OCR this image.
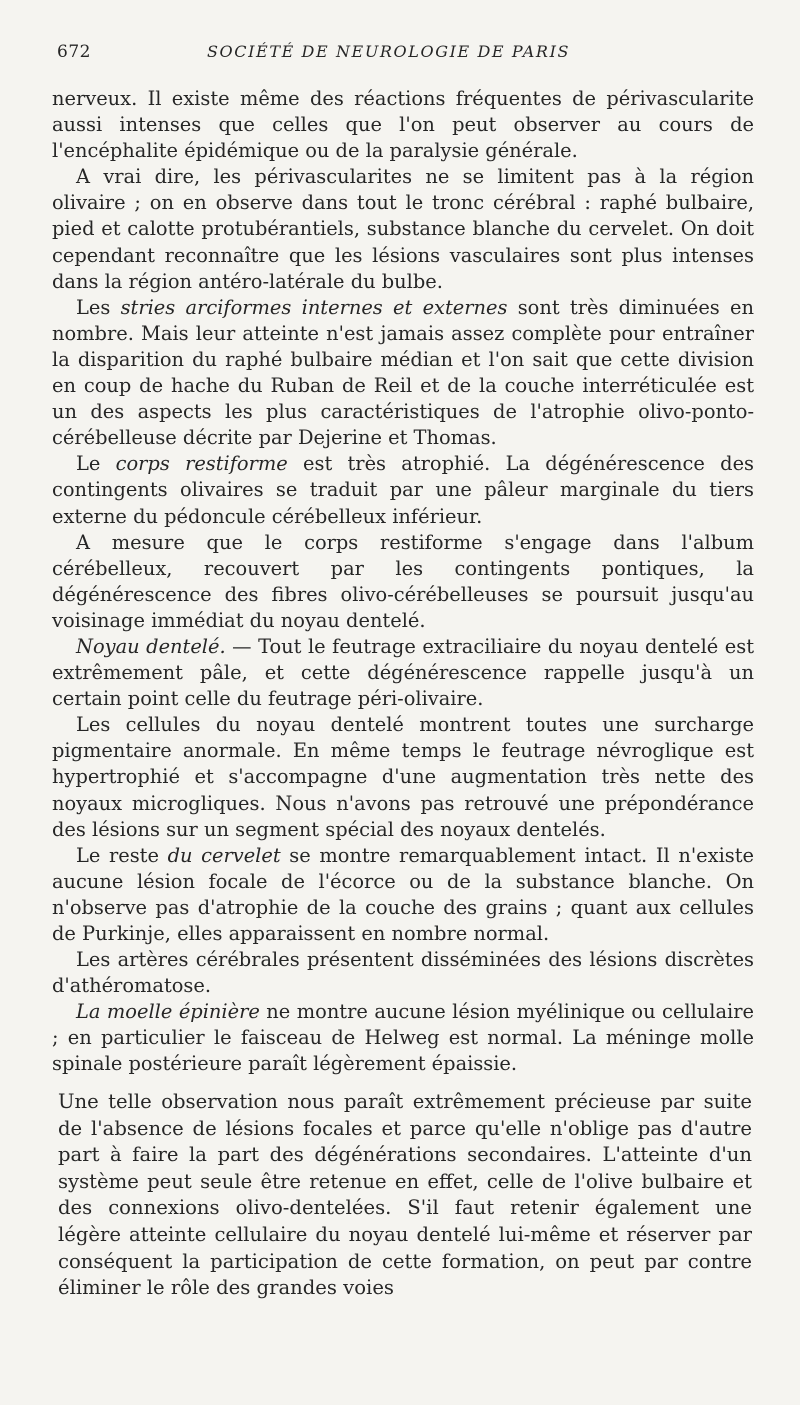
672	SOCIÉTÉ DE NEUROLOGIE DE PARIS

nerveux. Il existe même des réactions fréquentes de périvascularite aussi intenses que celles que l'on peut observer au cours de l'encéphalite épidémique ou de la paralysie générale.

A vrai dire, les périvascularites ne se limitent pas à la région olivaire ; on en observe dans tout le tronc cérébral : raphé bulbaire, pied et calotte protubérantiels, substance blanche du cervelet. On doit cependant reconnaître que les lésions vasculaires sont plus intenses dans la région antéro-latérale du bulbe.

Les stries arciformes internes et externes sont très diminuées en nombre. Mais leur atteinte n'est jamais assez complète pour entraîner la disparition du raphé bulbaire médian et l'on sait que cette division en coup de hache du Ruban de Reil et de la couche interréticulée est un des aspects les plus caractéristiques de l'atrophie olivo-ponto-cérébelleuse décrite par Dejerine et Thomas.

Le corps restiforme est très atrophié. La dégénérescence des contingents olivaires se traduit par une pâleur marginale du tiers externe du pédoncule cérébelleux inférieur.

A mesure que le corps restiforme s'engage dans l'album cérébelleux, recouvert par les contingents pontiques, la dégénérescence des fibres olivo-cérébelleuses se poursuit jusqu'au voisinage immédiat du noyau dentelé.

Noyau dentelé. — Tout le feutrage extraciliaire du noyau dentelé est extrêmement pâle, et cette dégénérescence rappelle jusqu'à un certain point celle du feutrage péri-olivaire.

Les cellules du noyau dentelé montrent toutes une surcharge pigmentaire anormale. En même temps le feutrage névroglique est hypertrophié et s'accompagne d'une augmentation très nette des noyaux microgliques. Nous n'avons pas retrouvé une prépondérance des lésions sur un segment spécial des noyaux dentelés.

Le reste du cervelet se montre remarquablement intact. Il n'existe aucune lésion focale de l'écorce ou de la substance blanche. On n'observe pas d'atrophie de la couche des grains ; quant aux cellules de Purkinje, elles apparaissent en nombre normal.

Les artères cérébrales présentent disséminées des lésions discrètes d'athéromatose.

La moelle épinière ne montre aucune lésion myélinique ou cellulaire ; en particulier le faisceau de Helweg est normal. La méninge molle spinale postérieure paraît légèrement épaissie.

Une telle observation nous paraît extrêmement précieuse par suite de l'absence de lésions focales et parce qu'elle n'oblige pas d'autre part à faire la part des dégénérations secondaires. L'atteinte d'un système peut seule être retenue en effet, celle de l'olive bulbaire et des connexions olivo-dentelées. S'il faut retenir également une légère atteinte cellulaire du noyau dentelé lui-même et réserver par conséquent la participation de cette formation, on peut par contre éliminer le rôle des grandes voies
